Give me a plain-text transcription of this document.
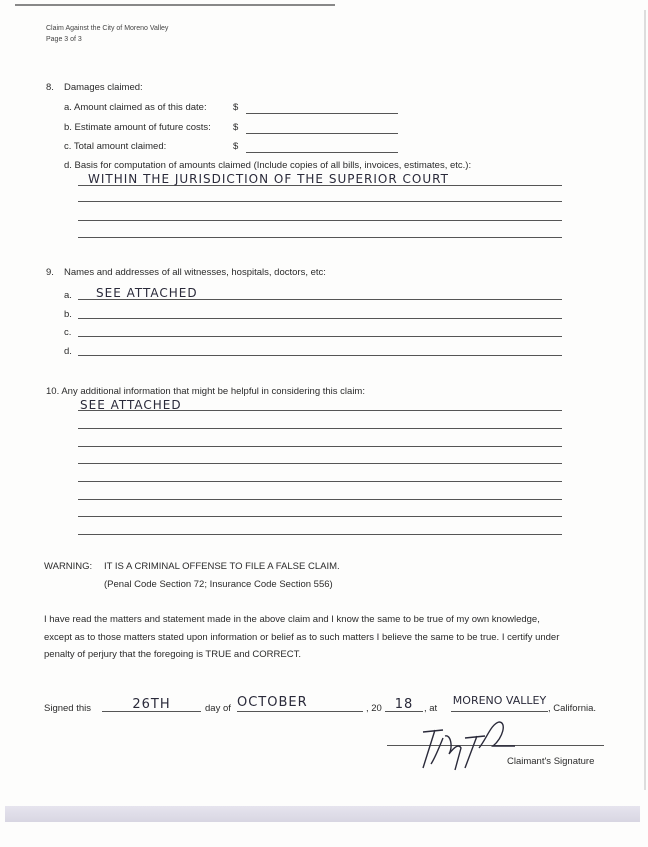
Claim Against the City of Moreno Valley
Page 3 of 3
8. Damages claimed:
a. Amount claimed as of this date:	$
b. Estimate amount of future costs: $
c. Total amount claimed:	$
d. Basis for computation of amounts claimed (Include copies of all bills, invoices, estimates, etc.):
WITHIN THE JURISDICTION OF THE SUPERIOR COURT
9. Names and addresses of all witnesses, hospitals, doctors, etc:
a.	SEE ATTACHED
b.
c.
d.
10. Any additional information that might be helpful in considering this claim:
SEE ATTACHED
WARNING: IT IS A CRIMINAL OFFENSE TO FILE A FALSE CLAIM.
(Penal Code Section 72; Insurance Code Section 556)
I have read the matters and statement made in the above claim and I know the same to be true of my own knowledge,
except as to those matters stated upon information or belief as to such matters I believe the same to be true. I certify under
penalty of perjury that the foregoing is TRUE and CORRECT.
Signed this	26TH	day of OCTOBER	, 20 18	, at
MORENO VALLEY
, California.
Claimant's Signature
